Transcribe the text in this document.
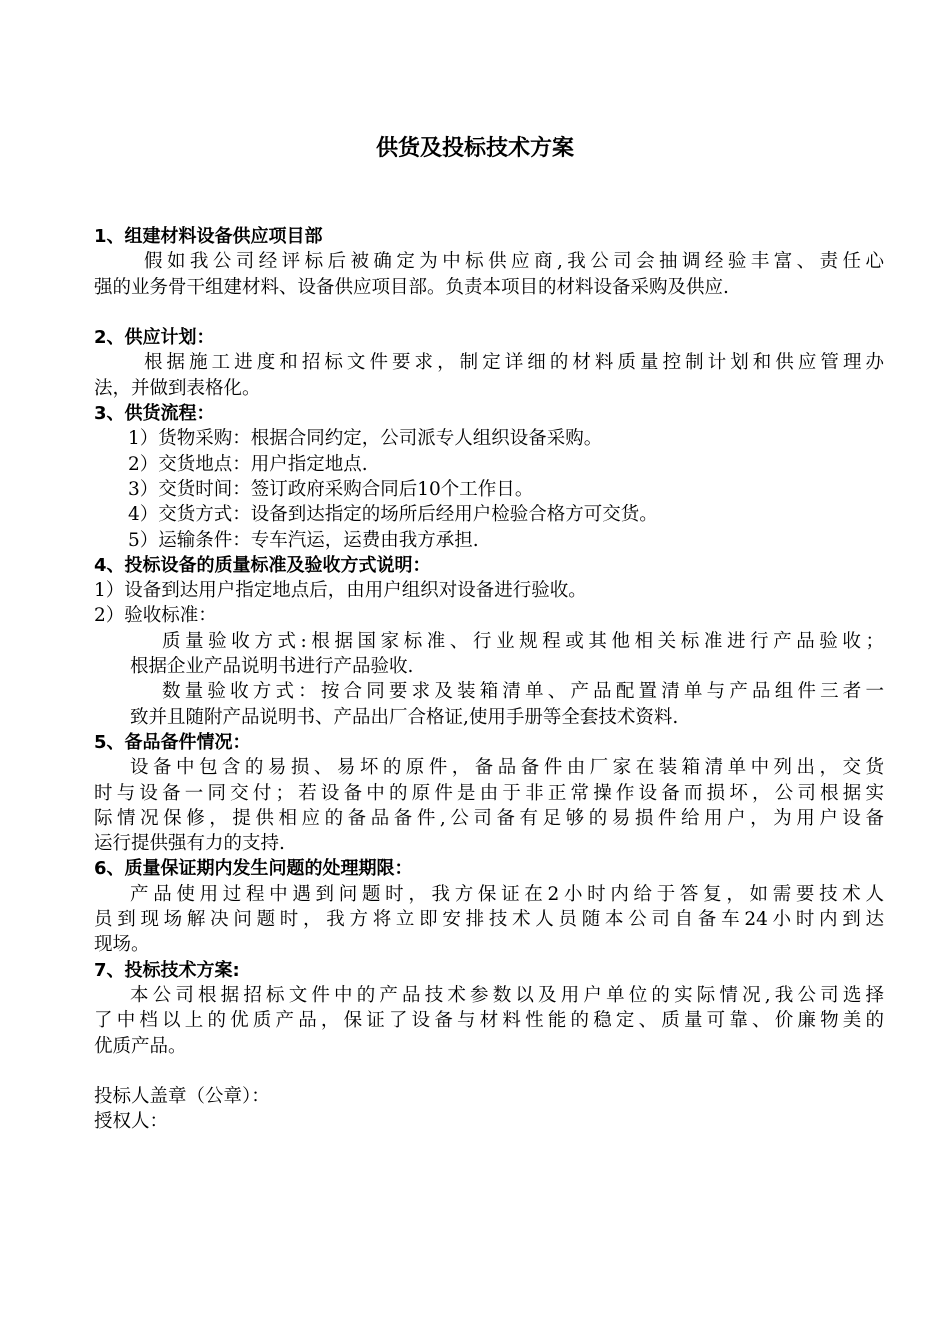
供货及投标技术方案
1、组建材料设备供应项目部
假如我公司经评标后被确定为中标供应商,我公司会抽调经验丰富、责任心
强的业务骨干组建材料、设备供应项目部。负责本项目的材料设备采购及供应.
2、供应计划：
根据施工进度和招标文件要求，制定详细的材料质量控制计划和供应管理办
法，并做到表格化。
3、供货流程：
1）货物采购：根据合同约定，公司派专人组织设备采购。
2）交货地点：用户指定地点.
3）交货时间：签订政府采购合同后10个工作日。
4）交货方式：设备到达指定的场所后经用户检验合格方可交货。
5）运输条件：专车汽运，运费由我方承担.
4、投标设备的质量标准及验收方式说明：
1）设备到达用户指定地点后，由用户组织对设备进行验收。
2）验收标准：
质量验收方式:根据国家标准、行业规程或其他相关标准进行产品验收；
根据企业产品说明书进行产品验收.
数量验收方式：按合同要求及装箱清单、产品配置清单与产品组件三者一
致并且随附产品说明书、产品出厂合格证,使用手册等全套技术资料.
5、备品备件情况：
设备中包含的易损、易坏的原件，备品备件由厂家在装箱清单中列出，交货
时与设备一同交付；若设备中的原件是由于非正常操作设备而损坏，公司根据实
际情况保修，提供相应的备品备件,公司备有足够的易损件给用户，为用户设备
运行提供强有力的支持.
6、质量保证期内发生问题的处理期限：
产品使用过程中遇到问题时，我方保证在2小时内给于答复，如需要技术人
员到现场解决问题时，我方将立即安排技术人员随本公司自备车24小时内到达
现场。
7、投标技术方案:
本公司根据招标文件中的产品技术参数以及用户单位的实际情况,我公司选择
了中档以上的优质产品，保证了设备与材料性能的稳定、质量可靠、价廉物美的
优质产品。
投标人盖章（公章）：
授权人：
